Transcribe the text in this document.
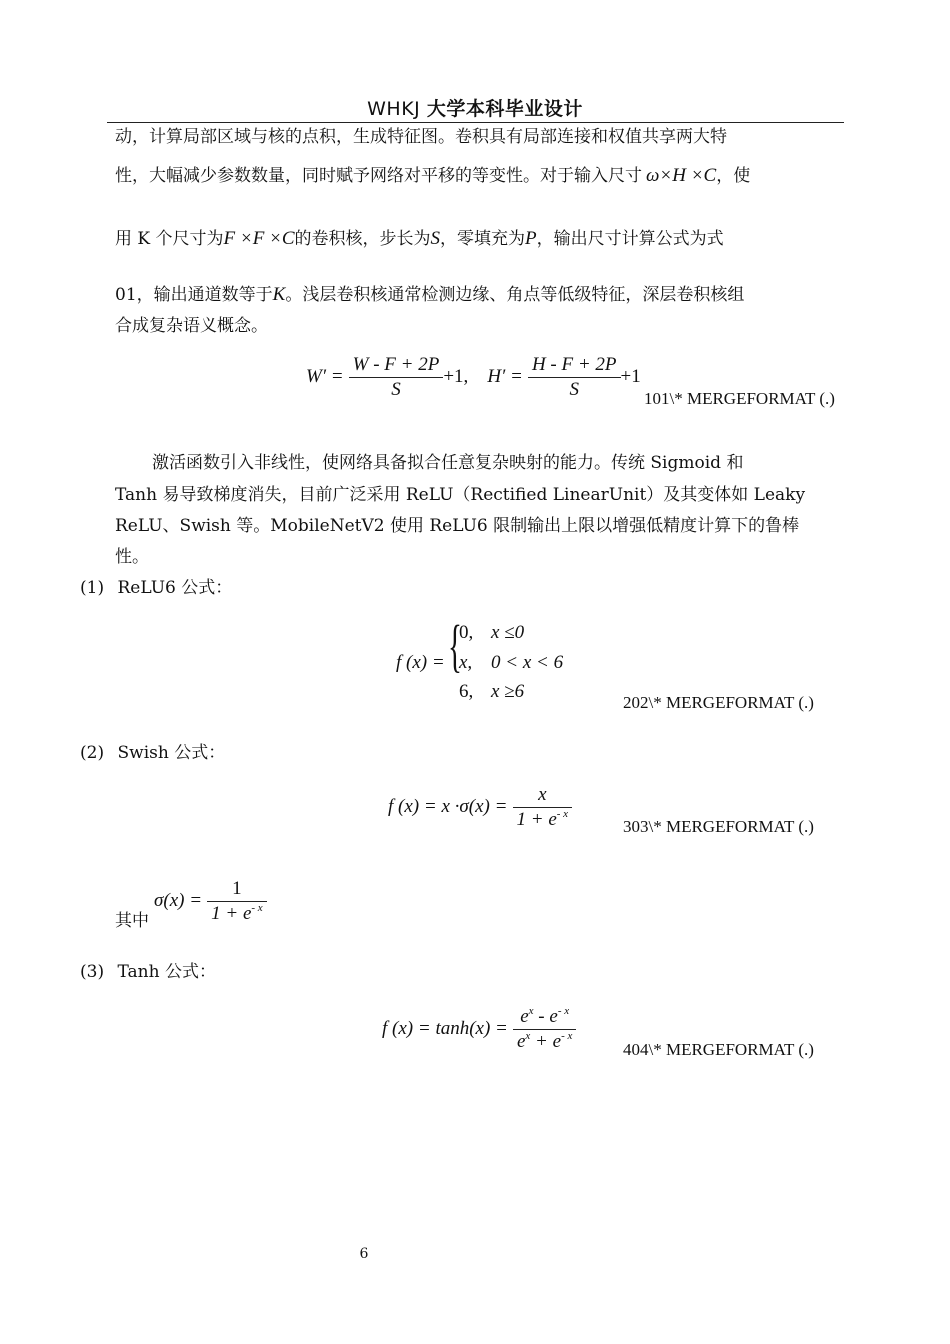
WHKJ 大学本科毕业设计
动，计算局部区域与核的点积，生成特征图。卷积具有局部连接和权值共享两大特
性，大幅减少参数数量，同时赋予网络对平移的等变性。对于输入尺寸 ω×H ×C，使
用 K 个尺寸为F ×F ×C的卷积核，步长为S，零填充为P，输出尺寸计算公式为式
01，输出通道数等于K。浅层卷积核通常检测边缘、角点等低级特征，深层卷积核组
合成复杂语义概念。
$W' = \frac{W - F + 2P}{S} +1$, $H' = \frac{H - F + 2P}{S} +1$
101\* MERGEFORMAT (.)
激活函数引入非线性，使网络具备拟合任意复杂映射的能力。传统 Sigmoid 和
Tanh 易导致梯度消失，目前广泛采用 ReLU（Rectified LinearUnit）及其变体如 Leaky
ReLU、Swish 等。MobileNetV2 使用 ReLU6 限制输出上限以增强低精度计算下的鲁棒
性。
(1) ReLU6 公式：
f (x) = {
0, x ≤0
x, 0 < x < 6
6, x ≥6
202\* MERGEFORMAT (.)
(2) Swish 公式：
f $(x) = x \cdot\sigma(x) = \frac{x}{1 + e^{- x}}$	303\* MERGEFORMAT (.)
其中
$\sigma(x) = \frac{1}{1 + e^{- x}}$
(3) Tanh 公式：
f $(x) = \tanh(x) = \frac{e^x - e^{- x}}{e^x + e^{- x}}$	404\* MERGEFORMAT (.)
6
